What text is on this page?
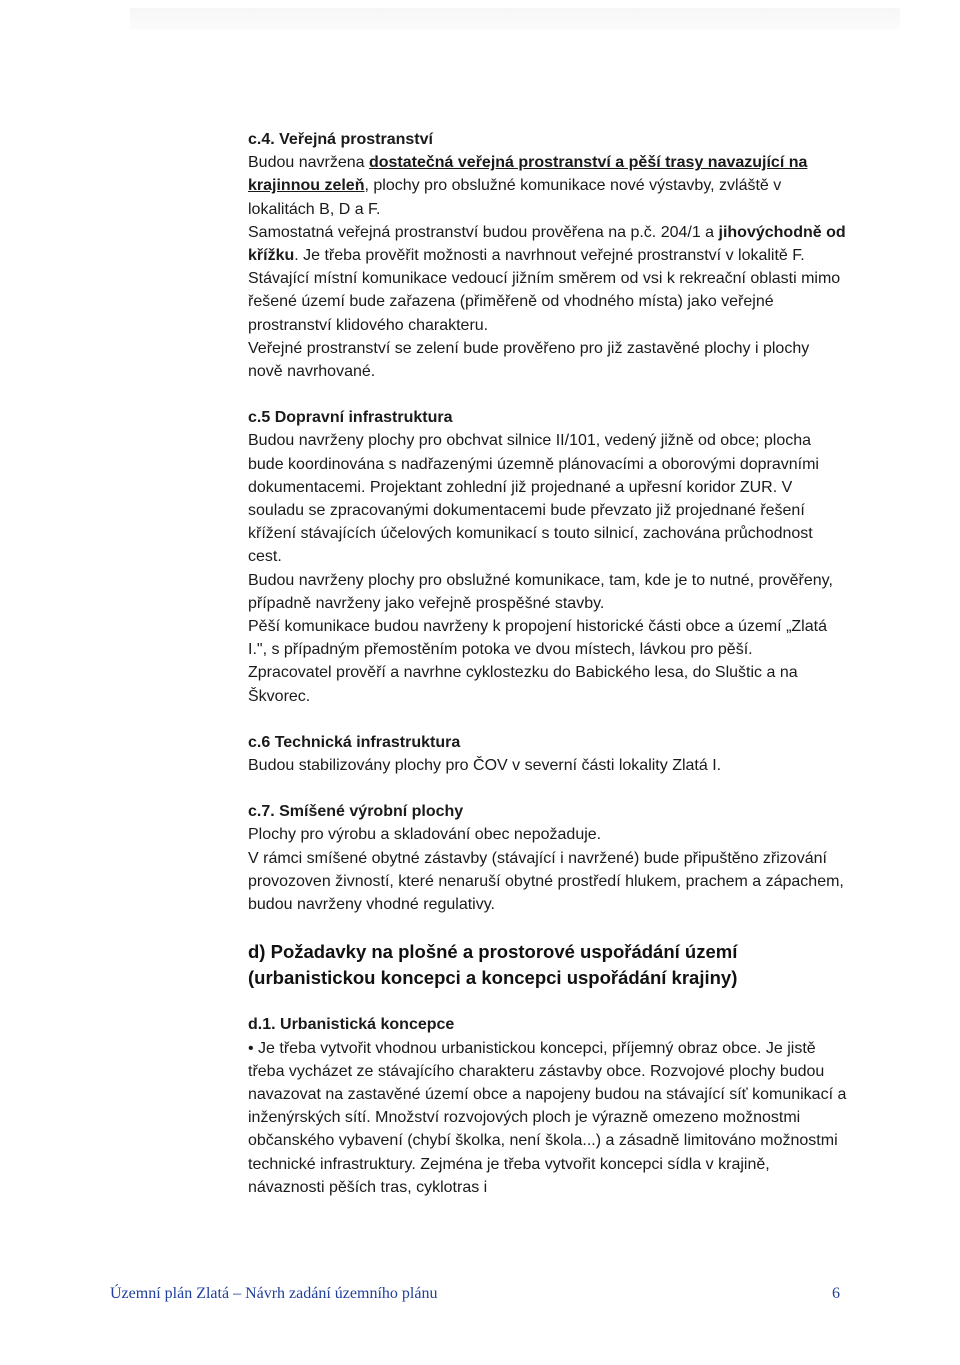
c.4. Veřejná prostranství

Budou navržena dostatečná veřejná prostranství a pěší trasy navazující na krajinnou zeleň, plochy pro obslužné komunikace nové výstavby, zvláště v lokalitách B, D a F.

Samostatná veřejná prostranství budou prověřena na p.č. 204/1 a jihovýchodně od křížku. Je třeba prověřit možnosti a navrhnout veřejné prostranství v lokalitě F.

Stávající místní komunikace vedoucí jižním směrem od vsi k rekreační oblasti mimo řešené území bude zařazena (přiměřeně od vhodného místa) jako veřejné prostranství klidového charakteru.

Veřejné prostranství se zelení bude prověřeno pro již zastavěné plochy i plochy nově navrhované.

c.5 Dopravní infrastruktura

Budou navrženy plochy pro obchvat silnice II/101, vedený jižně od obce; plocha bude koordinována s nadřazenými územně plánovacími a oborovými dopravními dokumentacemi. Projektant zohlední již projednané a upřesní koridor ZUR. V souladu se zpracovanými dokumentacemi bude převzato již projednané řešení křížení stávajících účelových komunikací s touto silnicí, zachována průchodnost cest.

Budou navrženy plochy pro obslužné komunikace, tam, kde je to nutné, prověřeny, případně navrženy jako veřejně prospěšné stavby.

Pěší komunikace budou navrženy k propojení historické části obce a území „Zlatá I.", s případným přemostěním potoka ve dvou místech, lávkou pro pěší.

Zpracovatel prověří a navrhne cyklostezku do Babického lesa, do Sluštic a na Škvorec.

c.6 Technická infrastruktura

Budou stabilizovány plochy pro ČOV v severní části lokality Zlatá I.

c.7. Smíšené výrobní plochy

Plochy pro výrobu a skladování obec nepožaduje.

V rámci smíšené obytné zástavby (stávající i navržené) bude připuštěno zřizování provozoven živností, které nenaruší obytné prostředí hlukem, prachem a zápachem, budou navrženy vhodné regulativy.

d) Požadavky na plošné a prostorové uspořádání území (urbanistickou koncepci a koncepci uspořádání krajiny)

d.1. Urbanistická koncepce

• Je třeba vytvořit vhodnou urbanistickou koncepci, příjemný obraz obce. Je jistě třeba vycházet ze stávajícího charakteru zástavby obce. Rozvojové plochy budou navazovat na zastavěné území obce a napojeny budou na stávající síť komunikací a inženýrských sítí. Množství rozvojových ploch je výrazně omezeno možnostmi občanského vybavení (chybí školka, není škola...) a zásadně limitováno možnostmi technické infrastruktury. Zejména je třeba vytvořit koncepci sídla v krajině, návaznosti pěších tras, cyklotras i

Územní plán Zlatá – Návrh zadání územního plánu	6
